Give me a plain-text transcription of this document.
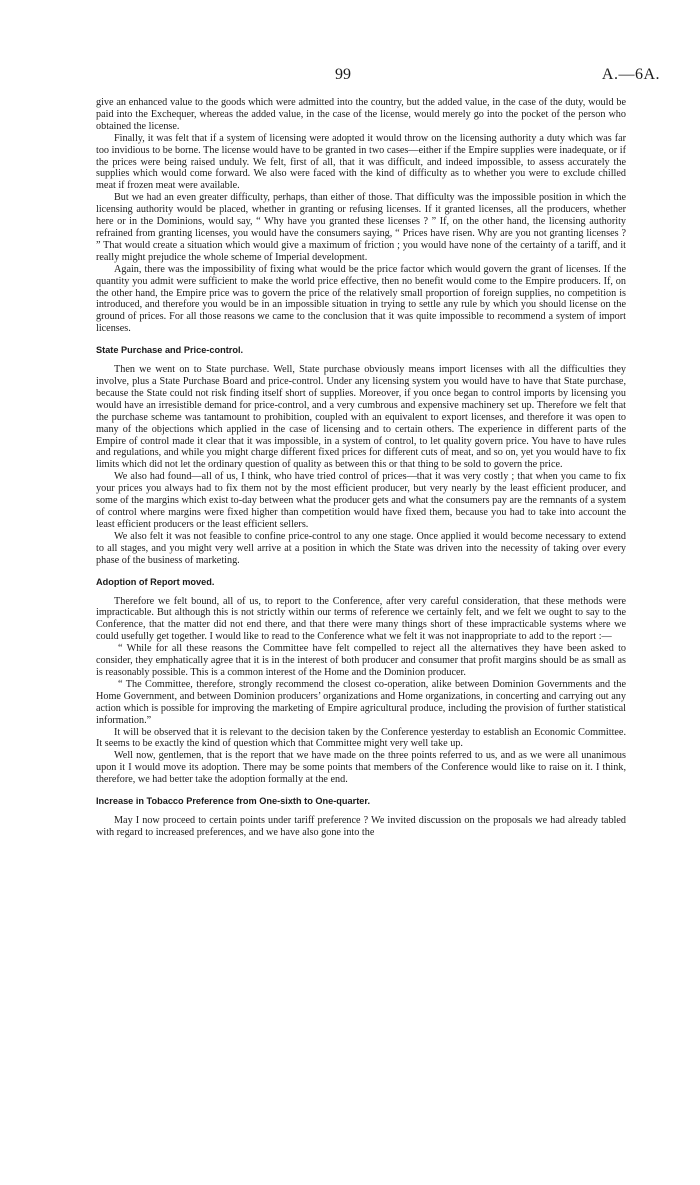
99	A.—6A.

give an enhanced value to the goods which were admitted into the country, but the added value, in the case of the duty, would be paid into the Exchequer, whereas the added value, in the case of the license, would merely go into the pocket of the person who obtained the license.

Finally, it was felt that if a system of licensing were adopted it would throw on the licensing authority a duty which was far too invidious to be borne. The license would have to be granted in two cases—either if the Empire supplies were inadequate, or if the prices were being raised unduly. We felt, first of all, that it was difficult, and indeed impossible, to assess accurately the supplies which would come forward. We also were faced with the kind of difficulty as to whether you were to exclude chilled meat if frozen meat were available.

But we had an even greater difficulty, perhaps, than either of those. That difficulty was the impossible position in which the licensing authority would be placed, whether in granting or refusing licenses. If it granted licenses, all the producers, whether here or in the Dominions, would say, “ Why have you granted these licenses ? ” If, on the other hand, the licensing authority refrained from granting licenses, you would have the consumers saying, “ Prices have risen. Why are you not granting licenses ? ” That would create a situation which would give a maximum of friction ; you would have none of the certainty of a tariff, and it really might prejudice the whole scheme of Imperial development.

Again, there was the impossibility of fixing what would be the price factor which would govern the grant of licenses. If the quantity you admit were sufficient to make the world price effective, then no benefit would come to the Empire producers. If, on the other hand, the Empire price was to govern the price of the relatively small proportion of foreign supplies, no competition is introduced, and therefore you would be in an impossible situation in trying to settle any rule by which you should license on the ground of prices. For all those reasons we came to the conclusion that it was quite impossible to recommend a system of import licenses.

State Purchase and Price-control.

Then we went on to State purchase. Well, State purchase obviously means import licenses with all the difficulties they involve, plus a State Purchase Board and price-control. Under any licensing system you would have to have that State purchase, because the State could not risk finding itself short of supplies. Moreover, if you once began to control imports by licensing you would have an irresistible demand for price-control, and a very cumbrous and expensive machinery set up. Therefore we felt that the purchase scheme was tantamount to prohibition, coupled with an equivalent to export licenses, and therefore it was open to many of the objections which applied in the case of licensing and to certain others. The experience in different parts of the Empire of control made it clear that it was impossible, in a system of control, to let quality govern price. You have to have rules and regulations, and while you might charge different fixed prices for different cuts of meat, and so on, yet you would have to fix limits which did not let the ordinary question of quality as between this or that thing to be sold to govern the price.

We also had found—all of us, I think, who have tried control of prices—that it was very costly ; that when you came to fix your prices you always had to fix them not by the most efficient producer, but very nearly by the least efficient producer, and some of the margins which exist to-day between what the producer gets and what the consumers pay are the remnants of a system of control where margins were fixed higher than competition would have fixed them, because you had to take into account the least efficient producers or the least efficient sellers.

We also felt it was not feasible to confine price-control to any one stage. Once applied it would become necessary to extend to all stages, and you might very well arrive at a position in which the State was driven into the necessity of taking over every phase of the business of marketing.

Adoption of Report moved.

Therefore we felt bound, all of us, to report to the Conference, after very careful consideration, that these methods were impracticable. But although this is not strictly within our terms of reference we certainly felt, and we felt we ought to say to the Conference, that the matter did not end there, and that there were many things short of these impracticable systems where we could usefully get together. I would like to read to the Conference what we felt it was not inappropriate to add to the report :—

“ While for all these reasons the Committee have felt compelled to reject all the alternatives they have been asked to consider, they emphatically agree that it is in the interest of both producer and consumer that profit margins should be as small as is reasonably possible. This is a common interest of the Home and the Dominion producer.

“ The Committee, therefore, strongly recommend the closest co-operation, alike between Dominion Governments and the Home Government, and between Dominion producers’ organizations and Home organizations, in concerting and carrying out any action which is possible for improving the marketing of Empire agricultural produce, including the provision of further statistical information.”

It will be observed that it is relevant to the decision taken by the Conference yesterday to establish an Economic Committee. It seems to be exactly the kind of question which that Committee might very well take up.

Well now, gentlemen, that is the report that we have made on the three points referred to us, and as we were all unanimous upon it I would move its adoption. There may be some points that members of the Conference would like to raise on it. I think, therefore, we had better take the adoption formally at the end.

Increase in Tobacco Preference from One-sixth to One-quarter.

May I now proceed to certain points under tariff preference ? We invited discussion on the proposals we had already tabled with regard to increased preferences, and we have also gone into the
